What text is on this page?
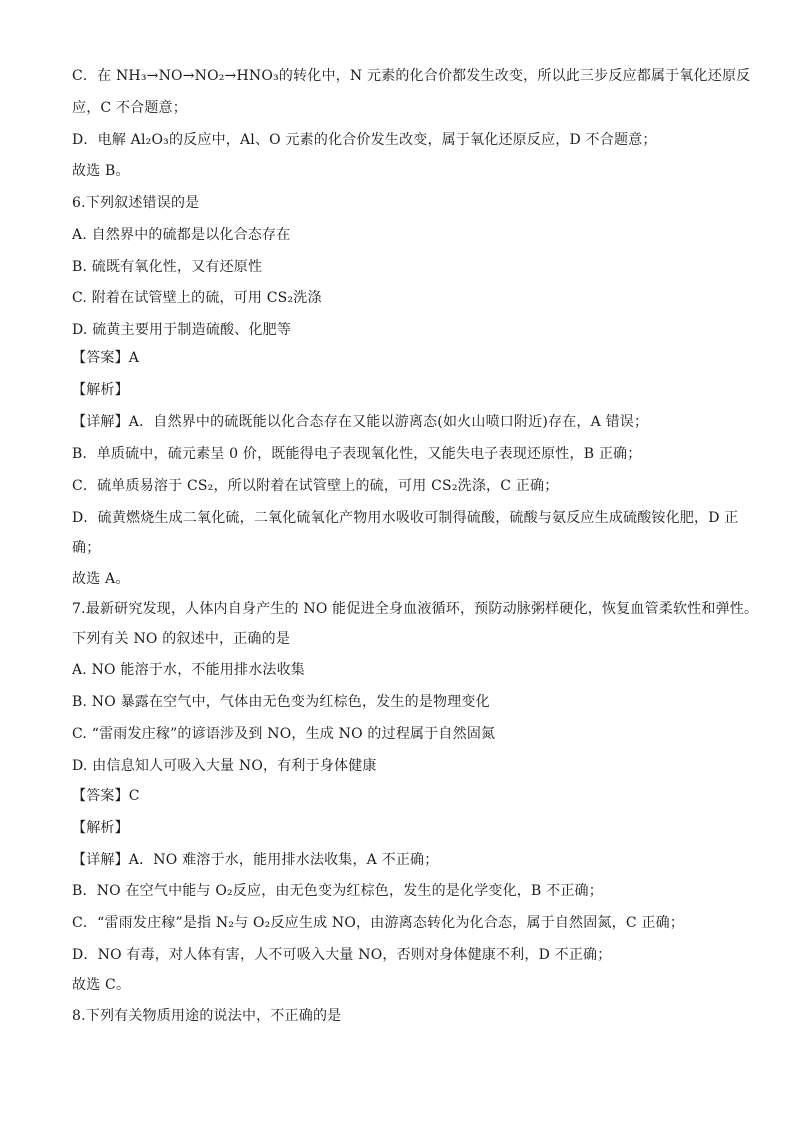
C．在 NH₃→NO→NO₂→HNO₃的转化中，N 元素的化合价都发生改变，所以此三步反应都属于氧化还原反
应，C 不合题意；
D．电解 Al₂O₃的反应中，Al、O 元素的化合价发生改变，属于氧化还原反应，D 不合题意；
故选 B。
6.下列叙述错误的是
A. 自然界中的硫都是以化合态存在
B. 硫既有氧化性，又有还原性
C. 附着在试管壁上的硫，可用 CS₂洗涤
D. 硫黄主要用于制造硫酸、化肥等
【答案】A
【解析】
【详解】A．自然界中的硫既能以化合态存在又能以游离态(如火山喷口附近)存在，A 错误；
B．单质硫中，硫元素呈 0 价，既能得电子表现氧化性，又能失电子表现还原性，B 正确；
C．硫单质易溶于 CS₂，所以附着在试管壁上的硫，可用 CS₂洗涤，C 正确；
D．硫黄燃烧生成二氧化硫，二氧化硫氧化产物用水吸收可制得硫酸，硫酸与氨反应生成硫酸铵化肥，D 正
确；
故选 A。
7.最新研究发现，人体内自身产生的 NO 能促进全身血液循环，预防动脉粥样硬化，恢复血管柔软性和弹性。
下列有关 NO 的叙述中，正确的是
A. NO 能溶于水，不能用排水法收集
B. NO 暴露在空气中，气体由无色变为红棕色，发生的是物理变化
C. “雷雨发庄稼”的谚语涉及到 NO，生成 NO 的过程属于自然固氮
D. 由信息知人可吸入大量 NO，有利于身体健康
【答案】C
【解析】
【详解】A．NO 难溶于水，能用排水法收集，A 不正确；
B．NO 在空气中能与 O₂反应，由无色变为红棕色，发生的是化学变化，B 不正确；
C．“雷雨发庄稼”是指 N₂与 O₂反应生成 NO，由游离态转化为化合态，属于自然固氮，C 正确；
D．NO 有毒，对人体有害，人不可吸入大量 NO，否则对身体健康不利，D 不正确；
故选 C。
8.下列有关物质用途的说法中，不正确的是
